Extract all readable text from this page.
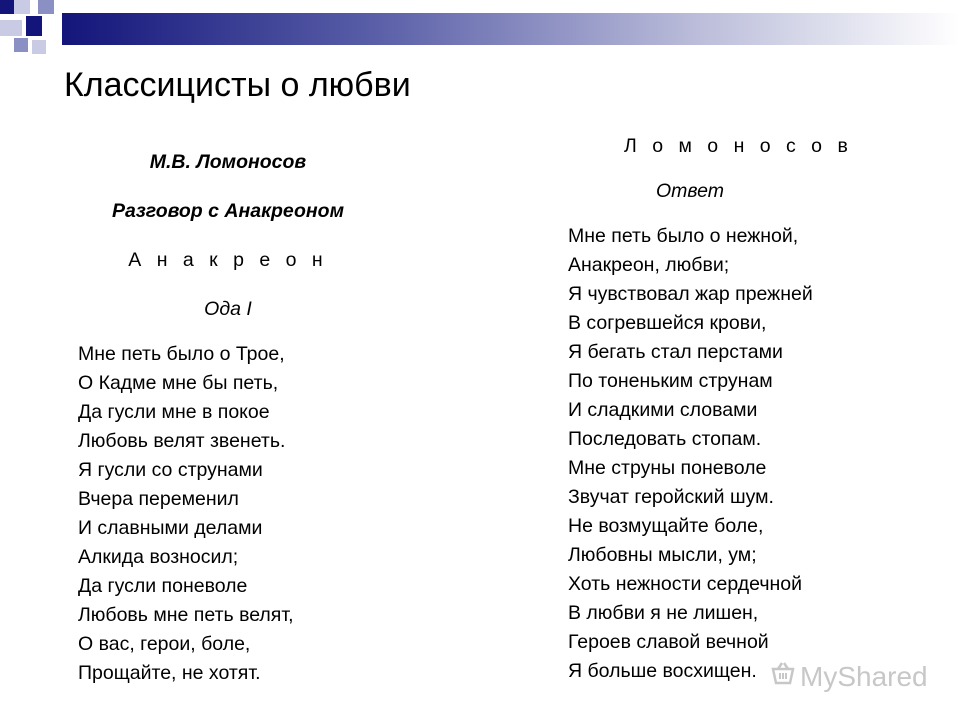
Классицисты о любви
М.В. Ломоносов
Разговор с Анакреоном
А н а к р е о н
Ода I
Мне петь было о Трое,
О Кадме мне бы петь,
Да гусли мне в покое
Любовь велят звенеть.
Я гусли со струнами
Вчера переменил
И славными делами
Алкида возносил;
Да гусли поневоле
Любовь мне петь велят,
О вас, герои, боле,
Прощайте, не хотят.
Л о м о н о с о в
Ответ
Мне петь было о нежной,
Анакреон, любви;
Я чувствовал жар прежней
В согревшейся крови,
Я бегать стал перстами
По тоненьким струнам
И сладкими словами
Последовать стопам.
Мне струны поневоле
Звучат геройский шум.
Не возмущайте боле,
Любовны мысли, ум;
Хоть нежности сердечной
В любви я не лишен,
Героев славой вечной
Я больше восхищен.	MyShared
